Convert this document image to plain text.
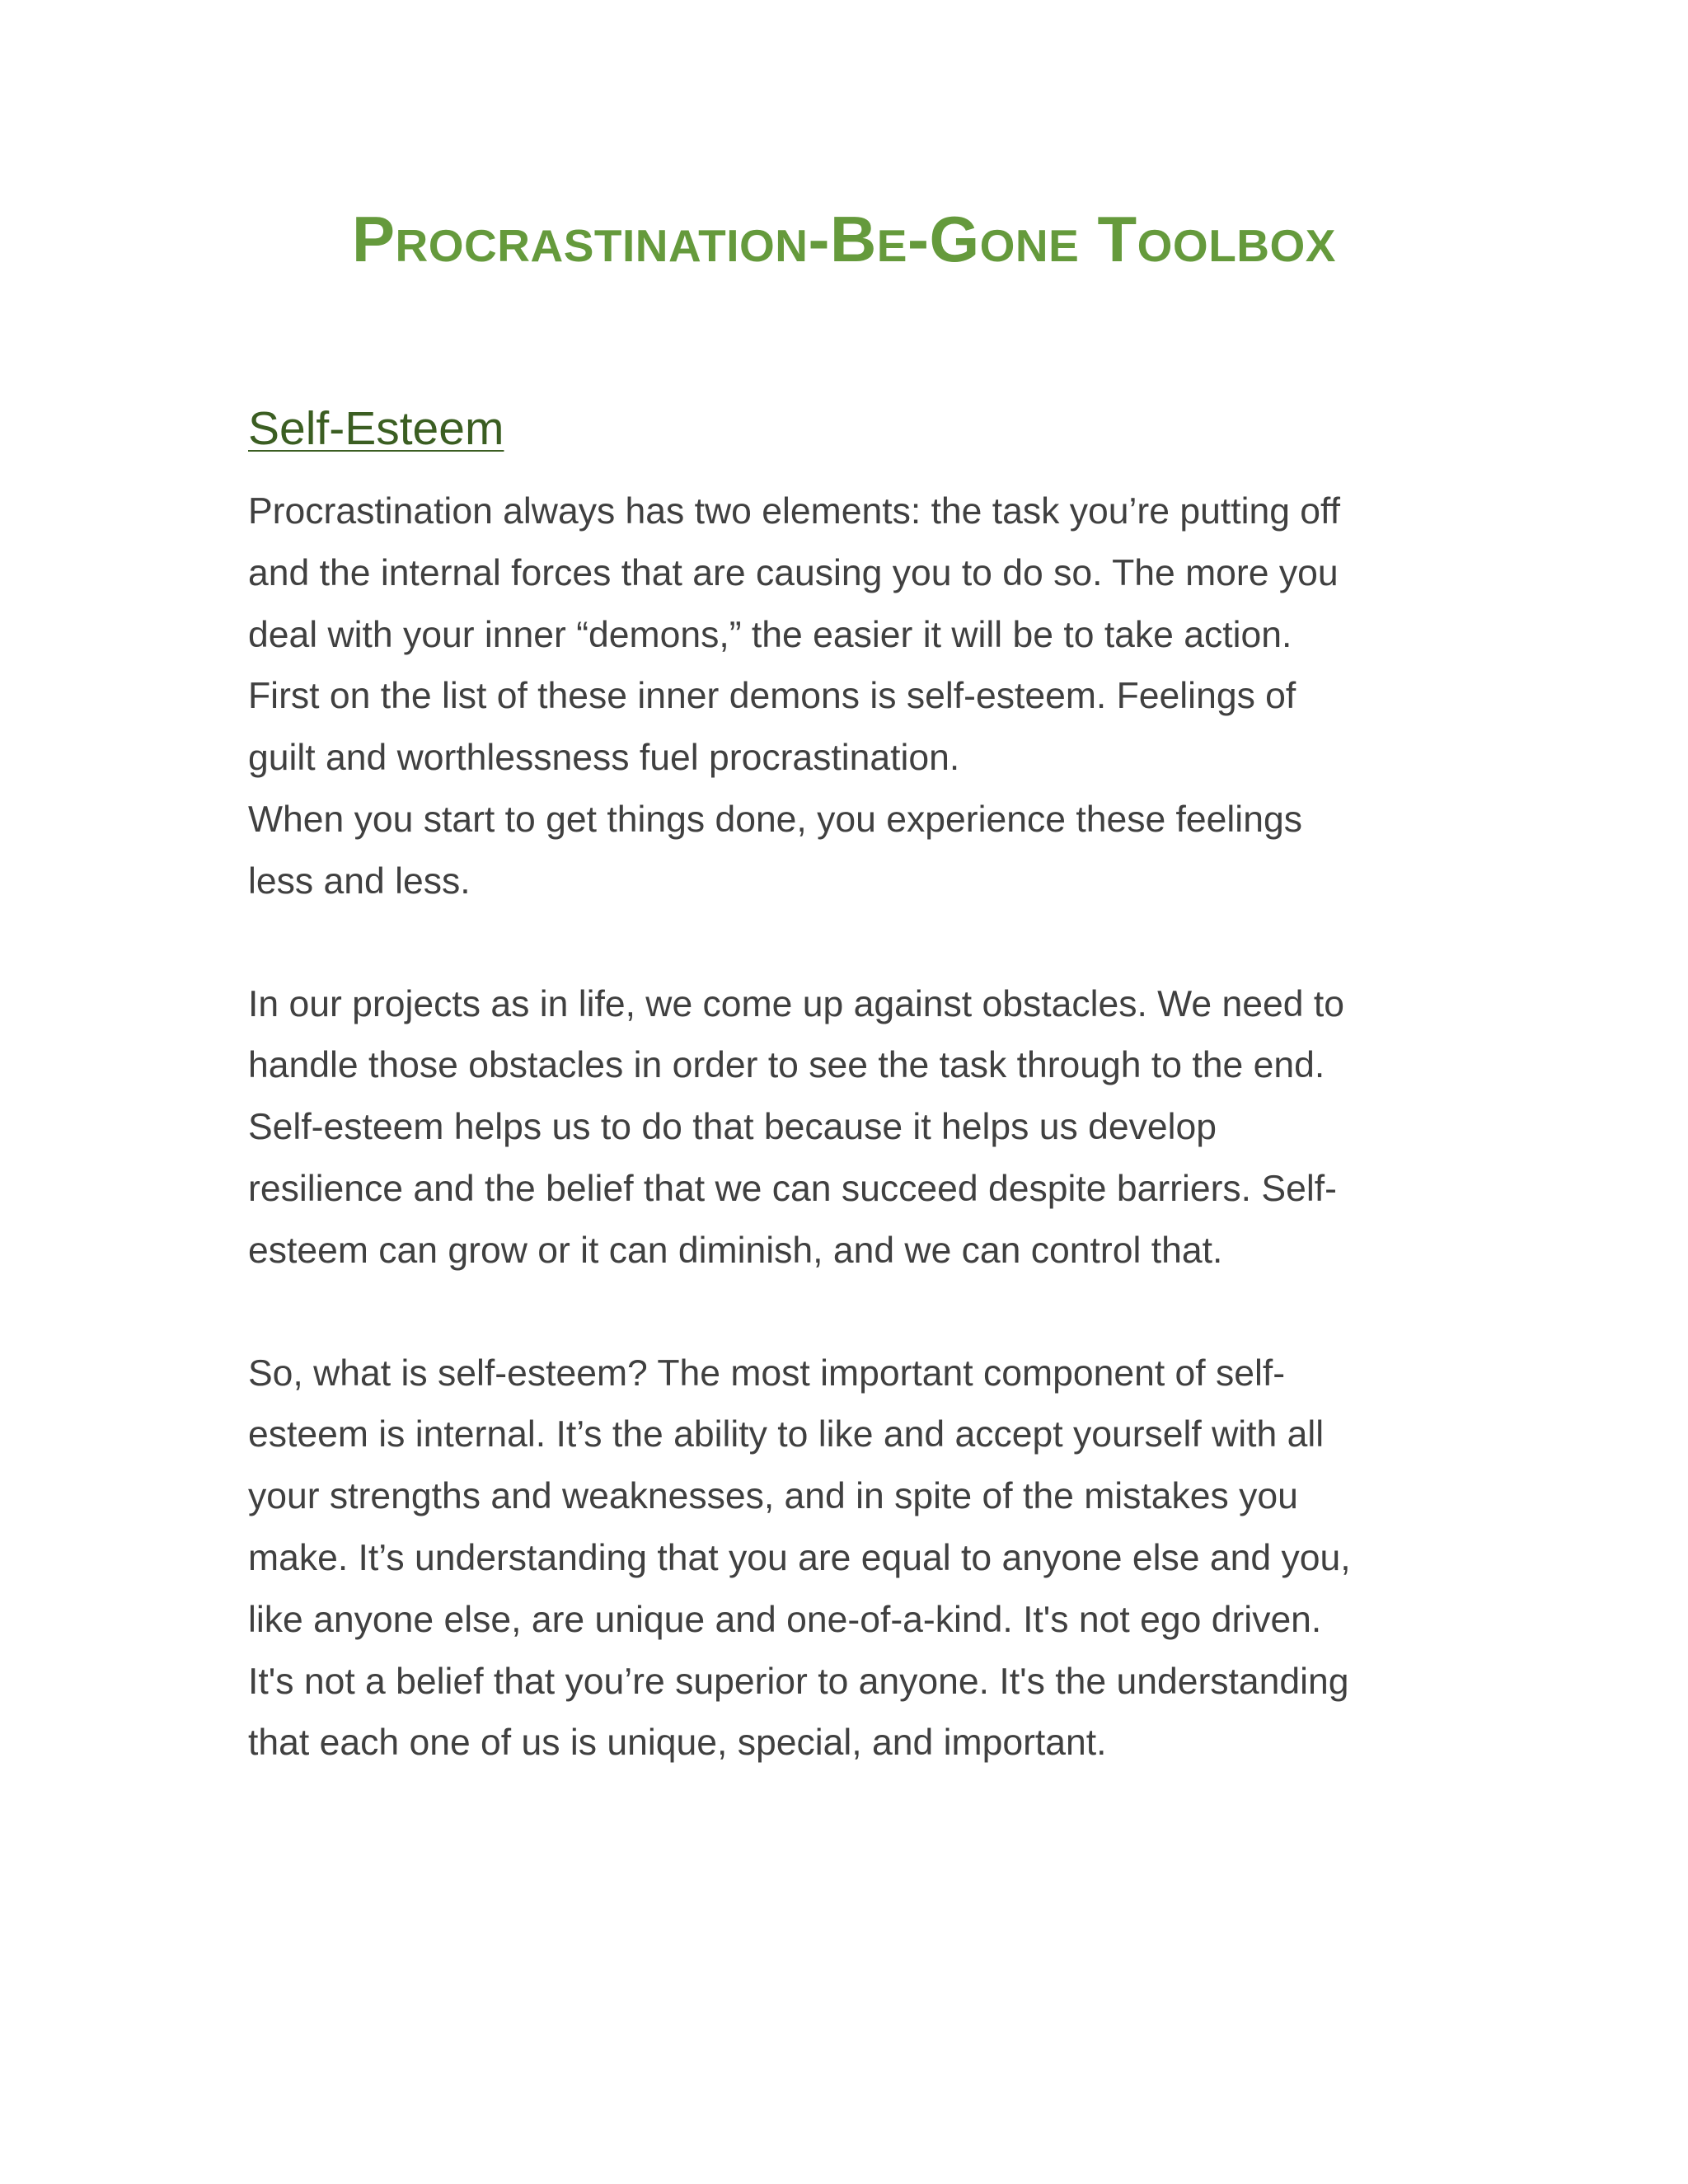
Procrastination-Be-Gone Toolbox
Self-Esteem

Procrastination always has two elements: the task you’re putting off
and the internal forces that are causing you to do so. The more you
deal with your inner “demons,” the easier it will be to take action.
First on the list of these inner demons is self-esteem. Feelings of
guilt and worthlessness fuel procrastination.

When you start to get things done, you experience these feelings
less and less.

In our projects as in life, we come up against obstacles. We need to
handle those obstacles in order to see the task through to the end.
Self-esteem helps us to do that because it helps us develop
resilience and the belief that we can succeed despite barriers. Self-
esteem can grow or it can diminish, and we can control that.

So, what is self-esteem? The most important component of self-
esteem is internal. It’s the ability to like and accept yourself with all
your strengths and weaknesses, and in spite of the mistakes you
make. It’s understanding that you are equal to anyone else and you,
like anyone else, are unique and one-of-a-kind. It's not ego driven.
It's not a belief that you’re superior to anyone. It's the understanding
that each one of us is unique, special, and important.
